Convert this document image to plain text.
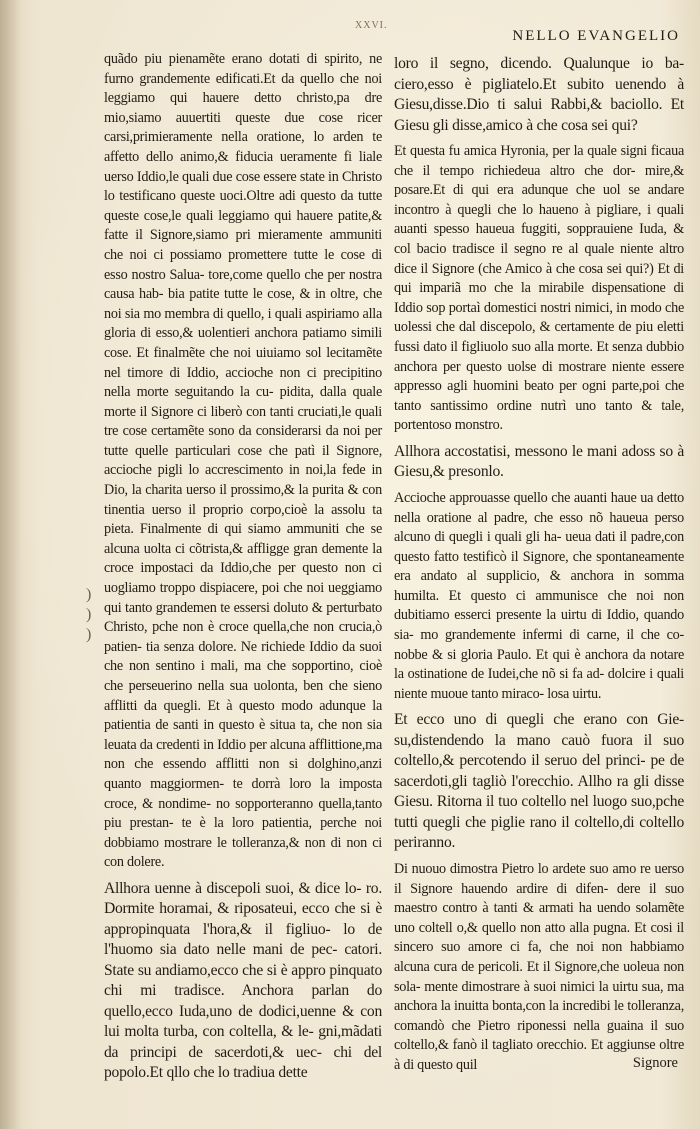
XXVI.
NELLO EVANGELIO
)
)
)

quãdo piu pienamẽte erano dotati di spirito, ne furno grandemente edificati.Et da quello che noi leggiamo qui hauere detto christo,pa dre mio,siamo auuertiti queste due cose ricer carsi,primieramente nella oratione, lo arden te affetto dello animo,& fiducia ueramente fi liale uerso Iddio,le quali due cose essere state in Christo lo testificano queste uoci.Oltre adi questo da tutte queste cose,le quali leggiamo qui hauere patite,& fatte il Signore,siamo pri mieramente ammuniti che noi ci possiamo promettere tutte le cose di esso nostro Salua- tore,come quello che per nostra causa hab- bia patite tutte le cose, & in oltre, che noi sia mo membra di quello, i quali aspiriamo alla gloria di esso,& uolentieri anchora patiamo simili cose. Et finalmẽte che noi uiuiamo sol lecitamẽte nel timore di Iddio, accioche non ci precipitino nella morte seguitando la cu- pidita, dalla quale morte il Signore ci liberò con tanti cruciati,le quali tre cose certamẽte sono da considerarsi da noi per tutte quelle particulari cose che patì il Signore, accioche pigli lo accrescimento in noi,la fede in Dio, la charita uerso il prossimo,& la purita & con tinentia uerso il proprio corpo,cioè la assolu ta pieta. Finalmente di qui siamo ammuniti che se alcuna uolta ci cõtrista,& affligge gran demente la croce impostaci da Iddio,che per questo non ci uogliamo troppo dispiacere, poi che noi ueggiamo qui tanto grandemen te essersi doluto & perturbato Christo, pche non è croce quella,che non crucia,ò patien- tia senza dolore. Ne richiede Iddio da suoi che non sentino i mali, ma che sopportino, cioè che perseuerino nella sua uolonta, ben che sieno afflitti da quegli. Et à questo modo adunque la patientia de santi in questo è situa ta, che non sia leuata da credenti in Iddio per alcuna afflittione,ma non che essendo afflitti non si dolghino,anzi quanto maggiormen- te dorrà loro la imposta croce, & nondime- no sopporteranno quella,tanto piu prestan- te è la loro patientia, perche noi dobbiamo mostrare le tolleranza,& non di non ci con dolere.

Allhora uenne à discepoli suoi, & dice lo- ro. Dormite horamai, & riposateui, ecco che si è appropinquata l'hora,& il figliuo- lo de l'huomo sia dato nelle mani de pec- catori. State su andiamo,ecco che si è appro pinquato chi mi tradisce. Anchora parlan do quello,ecco Iuda,uno de dodici,uenne & con lui molta turba, con coltella, & le- gni,mãdati da principi de sacerdoti,& uec- chi del popolo.Et qllo che lo tradiua dette

loro il segno, dicendo. Qualunque io ba- ciero,esso è pigliatelo.Et subito uenendo à Giesu,disse.Dio ti salui Rabbi,& baciollo. Et Giesu gli disse,amico à che cosa sei qui?

Et questa fu amica Hyronia, per la quale signi ficaua che il tempo richiedeua altro che dor- mire,& posare.Et di qui era adunque che uol se andare incontro à quegli che lo haueno à pigliare, i quali auanti spesso haueua fuggiti, sopprauiene Iuda, & col bacio tradisce il segno re al quale niente altro dice il Signore (che Amico à che cosa sei qui?) Et di qui impariã mo che la mirabile dispensatione di Iddio sop portaì domestici nostri nimici, in modo che uolessi che dal discepolo, & certamente de piu eletti fussi dato il figliuolo suo alla morte. Et senza dubbio anchora per questo uolse di mostrare niente essere appresso agli huomini beato per ogni parte,poi che tanto santissimo ordine nutrì uno tanto & tale, portentoso monstro.

Allhora accostatisi, messono le mani adoss so à Giesu,& presonlo.

Accioche approuasse quello che auanti haue ua detto nella oratione al padre, che esso nõ haueua perso alcuno di quegli i quali gli ha- ueua dati il padre,con questo fatto testificò il Signore, che spontaneamente era andato al supplicio, & anchora in somma humilta. Et questo ci ammunisce che noi non dubitiamo esserci presente la uirtu di Iddio, quando sia- mo grandemente infermi di carne, il che co- nobbe & si gloria Paulo. Et qui è anchora da notare la ostinatione de Iudei,che nõ si fa ad- dolcire i quali niente muoue tanto miraco- losa uirtu.

Et ecco uno di quegli che erano con Gie- su,distendendo la mano cauò fuora il suo coltello,& percotendo il seruo del princi- pe de sacerdoti,gli tagliò l'orecchio. Allho ra gli disse Giesu. Ritorna il tuo coltello nel luogo suo,pche tutti quegli che piglie rano il coltello,di coltello periranno.

Di nuouo dimostra Pietro lo ardete suo amo re uerso il Signore hauendo ardire di difen- dere il suo maestro contro à tanti & armati ha uendo solamẽte uno coltell o,& quello non atto alla pugna. Et cosi il sincero suo amore ci fa, che noi non habbiamo alcuna cura de pericoli. Et il Signore,che uoleua non sola- mente dimostrare à suoi nimici la uirtu sua, ma anchora la inuitta bonta,con la incredibi le tolleranza, comandò che Pietro riponessi nella guaina il suo coltello,& fanò il tagliato orecchio. Et aggiunse oltre à di questo quil	Signore
